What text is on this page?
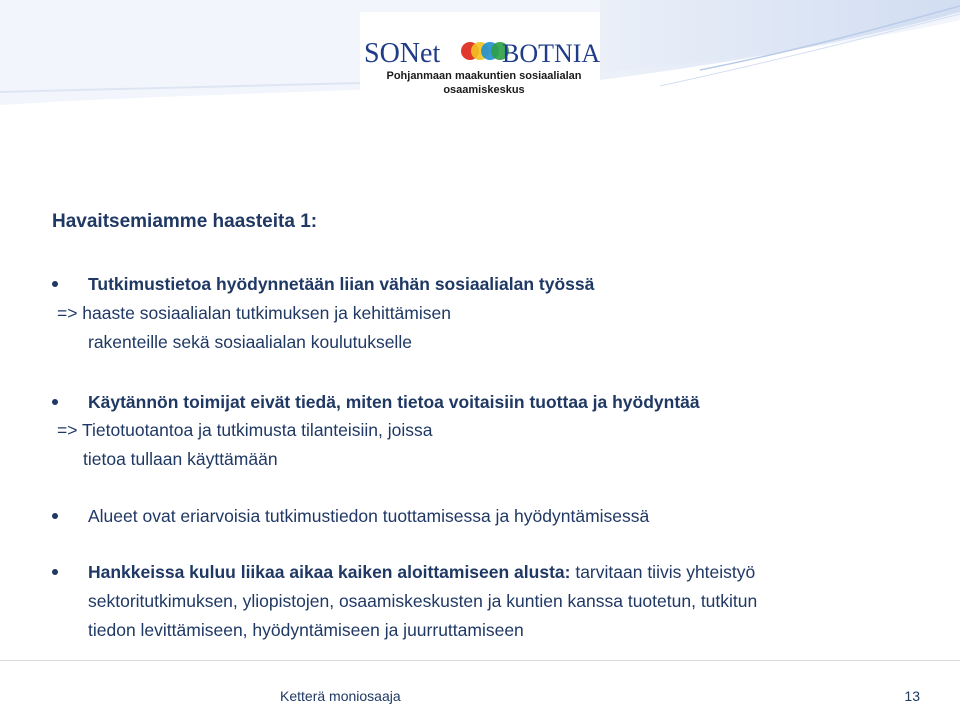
SONet BOTNIA
Pohjanmaan maakuntien sosiaalialan
osaamiskeskus
Havaitsemiamme haasteita 1:
Tutkimustietoa hyödynnetään liian vähän sosiaalialan työssä
=> haaste sosiaalialan tutkimuksen ja kehittämisen
rakenteille sekä sosiaalialan koulutukselle
Käytännön toimijat eivät tiedä, miten tietoa voitaisiin tuottaa ja hyödyntää
=> Tietotuotantoa ja tutkimusta tilanteisiin, joissa
tietoa tullaan käyttämään
Alueet ovat eriarvoisia tutkimustiedon tuottamisessa ja hyödyntämisessä
Hankkeissa kuluu liikaa aikaa kaiken aloittamiseen alusta: tarvitaan tiivis yhteistyö
sektoritutkimuksen, yliopistojen, osaamiskeskusten ja kuntien kanssa tuotetun, tutkitun
tiedon levittämiseen, hyödyntämiseen ja juurruttamiseen
Ketterä moniosaaja	13
